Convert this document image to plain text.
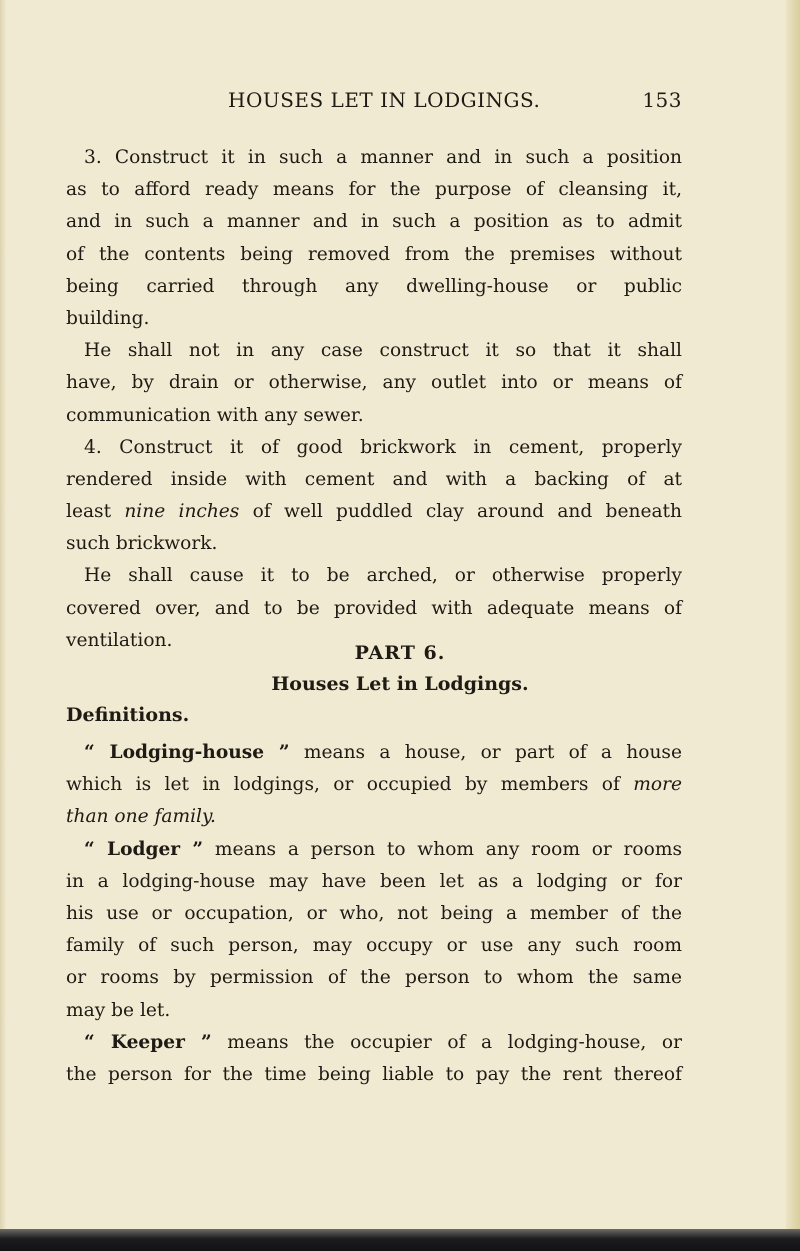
HOUSES LET IN LODGINGS.	153
3. Construct it in such a manner and in such a position
as to afford ready means for the purpose of cleansing it,
and in such a manner and in such a position as to admit
of the contents being removed from the premises without
being carried through any dwelling-house or public
building.
He shall not in any case construct it so that it shall
have, by drain or otherwise, any outlet into or means of
communication with any sewer.
4. Construct it of good brickwork in cement, properly
rendered inside with cement and with a backing of at
least nine inches of well puddled clay around and beneath
such brickwork.
He shall cause it to be arched, or otherwise properly
covered over, and to be provided with adequate means of
ventilation.
PART 6.
Houses Let in Lodgings.
Definitions.
“ Lodging-house ” means a house, or part of a house
which is let in lodgings, or occupied by members of more
than one family.
“ Lodger ” means a person to whom any room or rooms
in a lodging-house may have been let as a lodging or for
his use or occupation, or who, not being a member of the
family of such person, may occupy or use any such room
or rooms by permission of the person to whom the same
may be let.
“ Keeper ” means the occupier of a lodging-house, or
the person for the time being liable to pay the rent thereof
